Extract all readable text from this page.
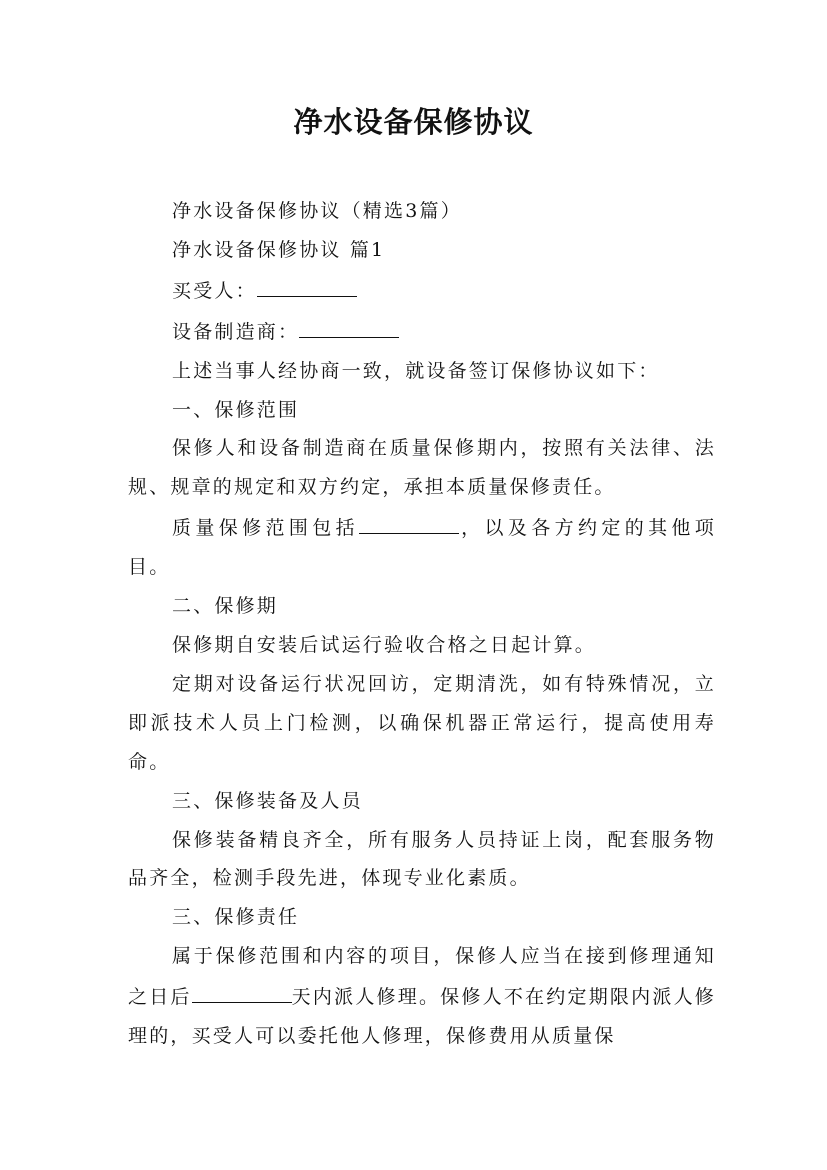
净水设备保修协议

净水设备保修协议（精选3篇）

净水设备保修协议 篇1

买受人：

设备制造商：

上述当事人经协商一致，就设备签订保修协议如下：

一、保修范围

保修人和设备制造商在质量保修期内，按照有关法律、法规、规章的规定和双方约定，承担本质量保修责任。

质量保修范围包括	，以及各方约定的其他项目。

二、保修期

保修期自安装后试运行验收合格之日起计算。

定期对设备运行状况回访，定期清洗，如有特殊情况，立即派技术人员上门检测，以确保机器正常运行，提高使用寿命。

三、保修装备及人员

保修装备精良齐全，所有服务人员持证上岗，配套服务物品齐全，检测手段先进，体现专业化素质。

三、保修责任

属于保修范围和内容的项目，保修人应当在接到修理通知之日后	天内派人修理。保修人不在约定期限内派人修理的，买受人可以委托他人修理，保修费用从质量保
